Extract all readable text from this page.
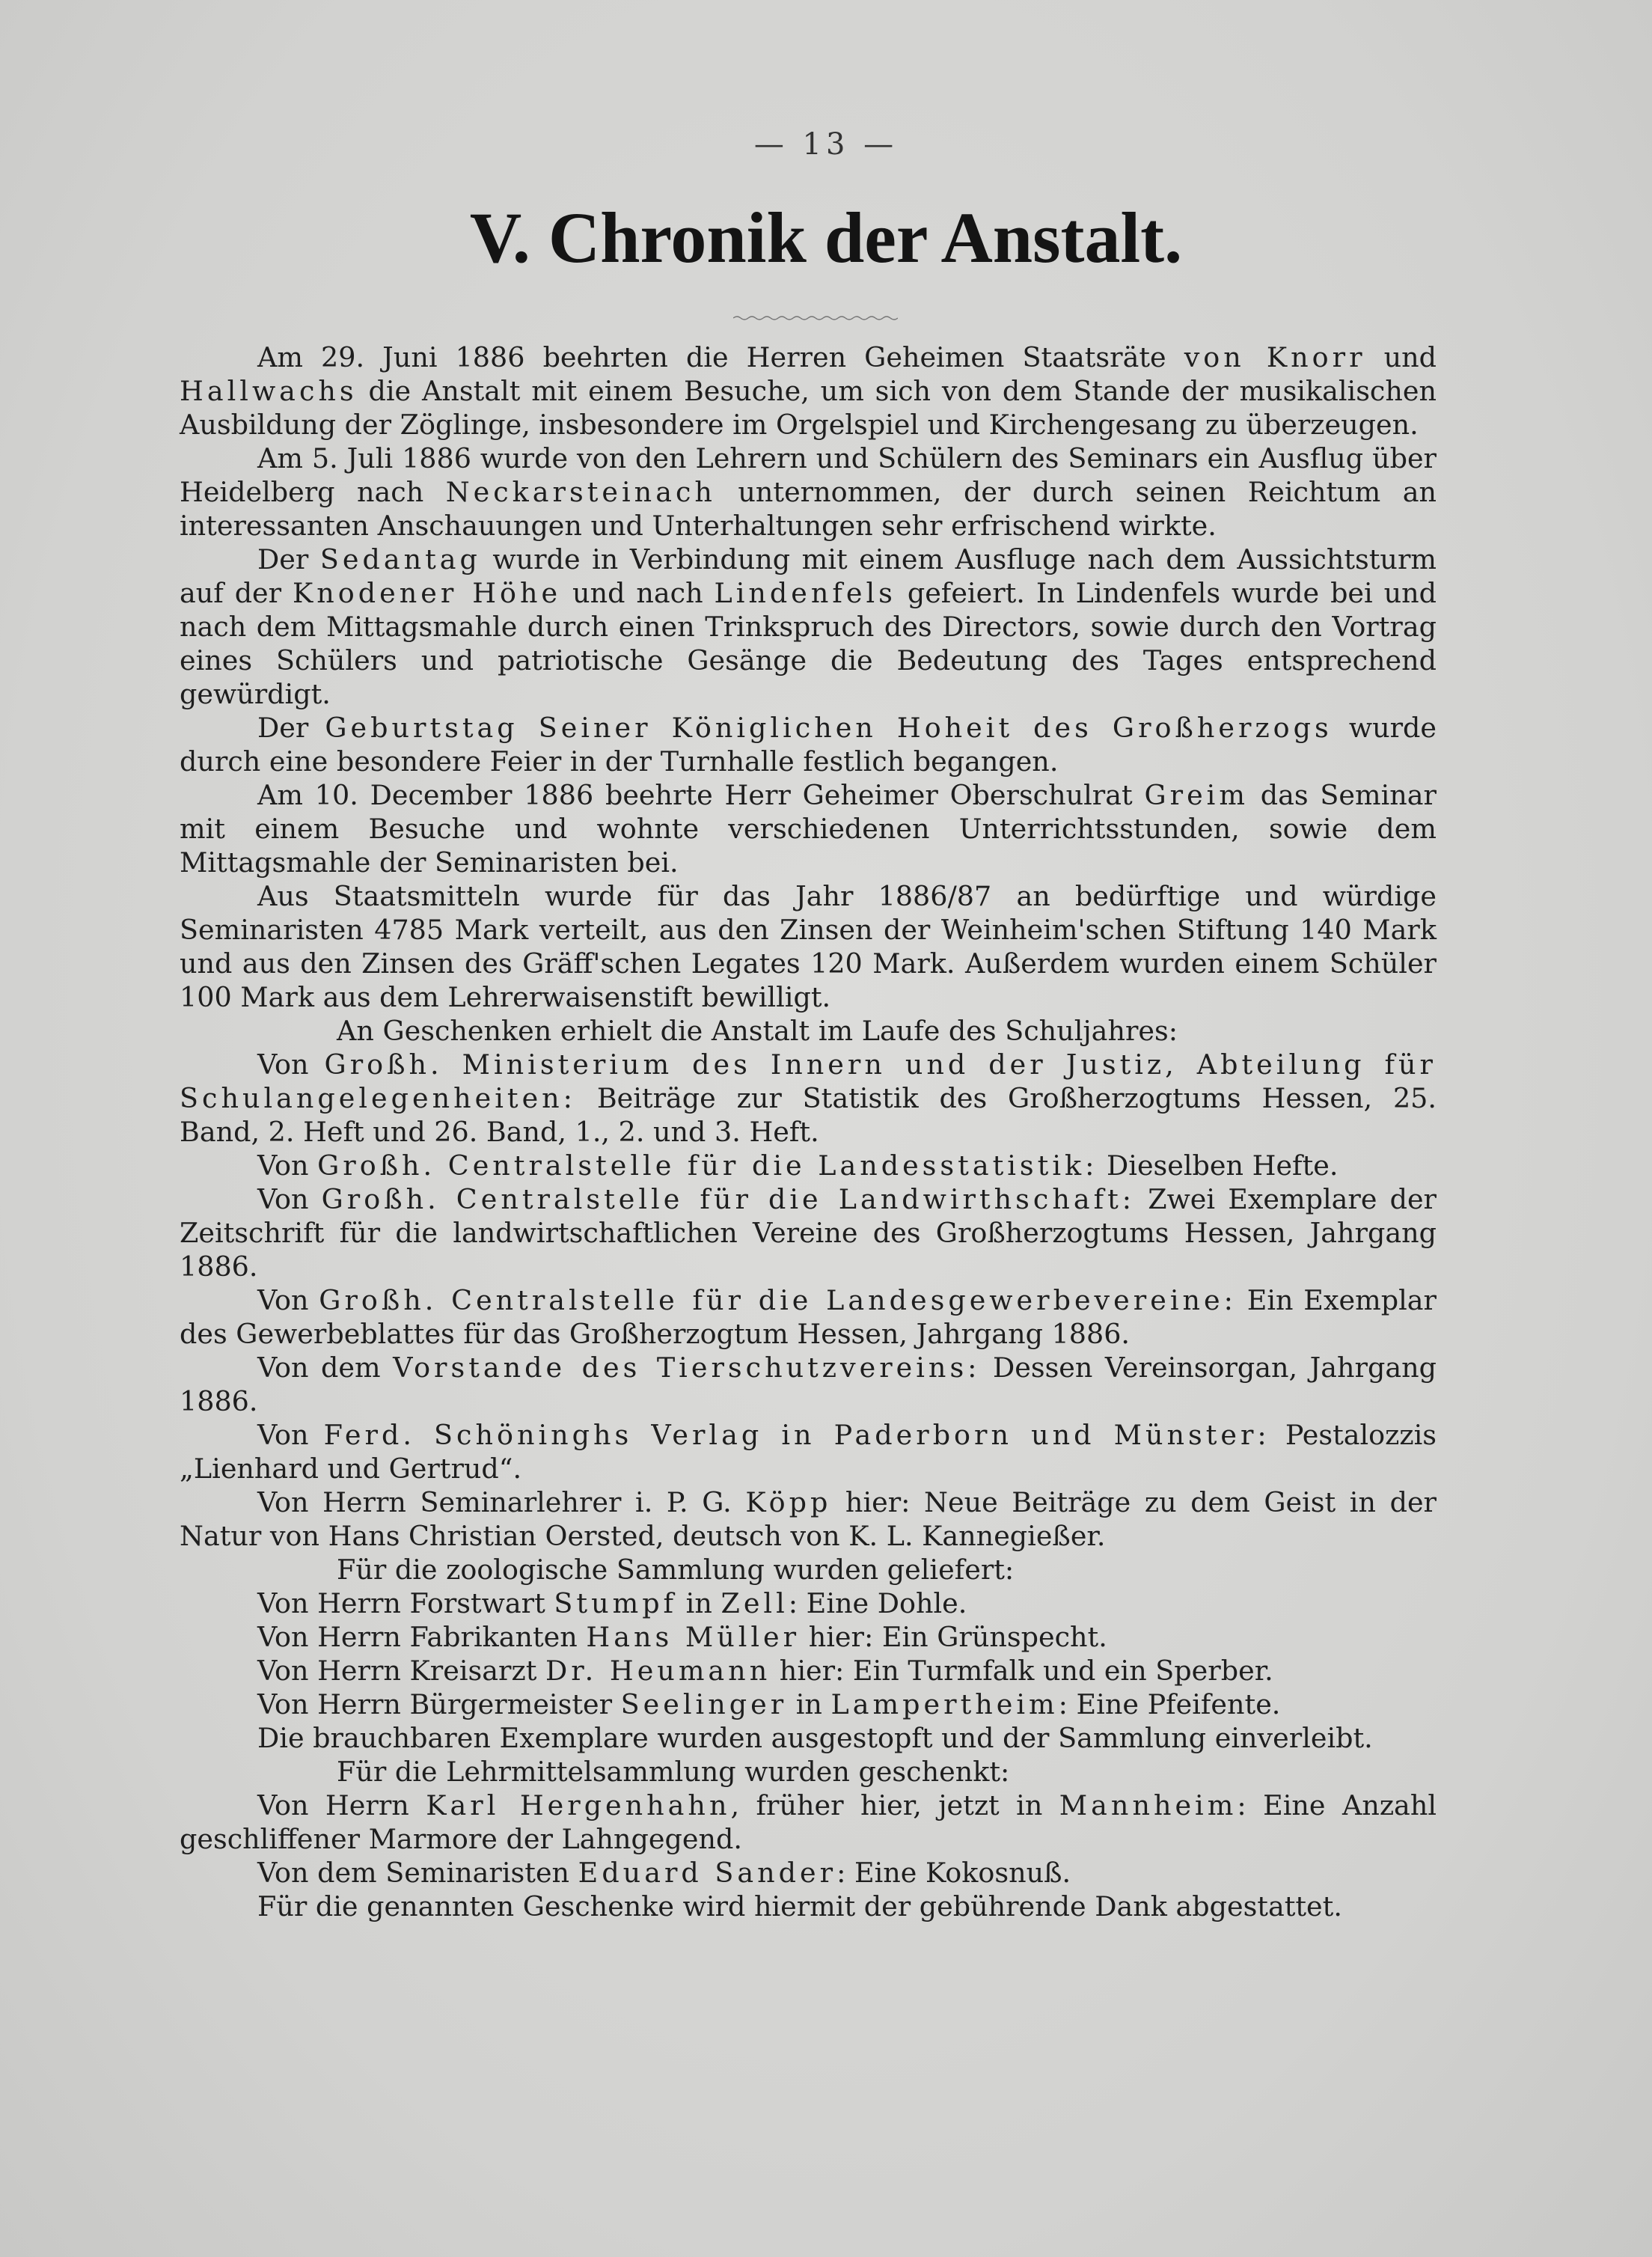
— 13 —
V. Chronik der Anstalt.

Am 29. Juni 1886 beehrten die Herren Geheimen Staatsräte von Knorr und Hallwachs die Anstalt mit einem Besuche, um sich von dem Stande der musikalischen Ausbildung der Zöglinge, insbesondere im Orgelspiel und Kirchengesang zu überzeugen.

Am 5. Juli 1886 wurde von den Lehrern und Schülern des Seminars ein Ausflug über Heidelberg nach Neckarsteinach unternommen, der durch seinen Reichtum an interessanten Anschauungen und Unterhaltungen sehr erfrischend wirkte.

Der Sedantag wurde in Verbindung mit einem Ausfluge nach dem Aussichtsturm auf der Knodener Höhe und nach Lindenfels gefeiert. In Lindenfels wurde bei und nach dem Mittagsmahle durch einen Trinkspruch des Directors, sowie durch den Vortrag eines Schülers und patriotische Gesänge die Bedeutung des Tages entsprechend gewürdigt.

Der Geburtstag Seiner Königlichen Hoheit des Großherzogs wurde durch eine besondere Feier in der Turnhalle festlich begangen.

Am 10. December 1886 beehrte Herr Geheimer Oberschulrat Greim das Seminar mit einem Besuche und wohnte verschiedenen Unterrichtsstunden, sowie dem Mittagsmahle der Seminaristen bei.

Aus Staatsmitteln wurde für das Jahr 1886/87 an bedürftige und würdige Seminaristen 4785 Mark verteilt, aus den Zinsen der Weinheim'schen Stiftung 140 Mark und aus den Zinsen des Gräff'schen Legates 120 Mark. Außerdem wurden einem Schüler 100 Mark aus dem Lehrerwaisenstift bewilligt.

An Geschenken erhielt die Anstalt im Laufe des Schuljahres:

Von Großh. Ministerium des Innern und der Justiz, Abteilung für Schulangelegenheiten: Beiträge zur Statistik des Großherzogtums Hessen, 25. Band, 2. Heft und 26. Band, 1., 2. und 3. Heft.

Von Großh. Centralstelle für die Landesstatistik: Dieselben Hefte.

Von Großh. Centralstelle für die Landwirthschaft: Zwei Exemplare der Zeitschrift für die landwirtschaftlichen Vereine des Großherzogtums Hessen, Jahrgang 1886.

Von Großh. Centralstelle für die Landesgewerbevereine: Ein Exemplar des Gewerbeblattes für das Großherzogtum Hessen, Jahrgang 1886.

Von dem Vorstande des Tierschutzvereins: Dessen Vereinsorgan, Jahrgang 1886.

Von Ferd. Schöninghs Verlag in Paderborn und Münster: Pestalozzis „Lienhard und Gertrud“.

Von Herrn Seminarlehrer i. P. G. Köpp hier: Neue Beiträge zu dem Geist in der Natur von Hans Christian Oersted, deutsch von K. L. Kannegießer.

Für die zoologische Sammlung wurden geliefert:

Von Herrn Forstwart Stumpf in Zell: Eine Dohle.

Von Herrn Fabrikanten Hans Müller hier: Ein Grünspecht.

Von Herrn Kreisarzt Dr. Heumann hier: Ein Turmfalk und ein Sperber.

Von Herrn Bürgermeister Seelinger in Lampertheim: Eine Pfeifente.

Die brauchbaren Exemplare wurden ausgestopft und der Sammlung einverleibt.

Für die Lehrmittelsammlung wurden geschenkt:

Von Herrn Karl Hergenhahn, früher hier, jetzt in Mannheim: Eine Anzahl geschliffener Marmore der Lahngegend.

Von dem Seminaristen Eduard Sander: Eine Kokosnuß.

Für die genannten Geschenke wird hiermit der gebührende Dank abgestattet.
